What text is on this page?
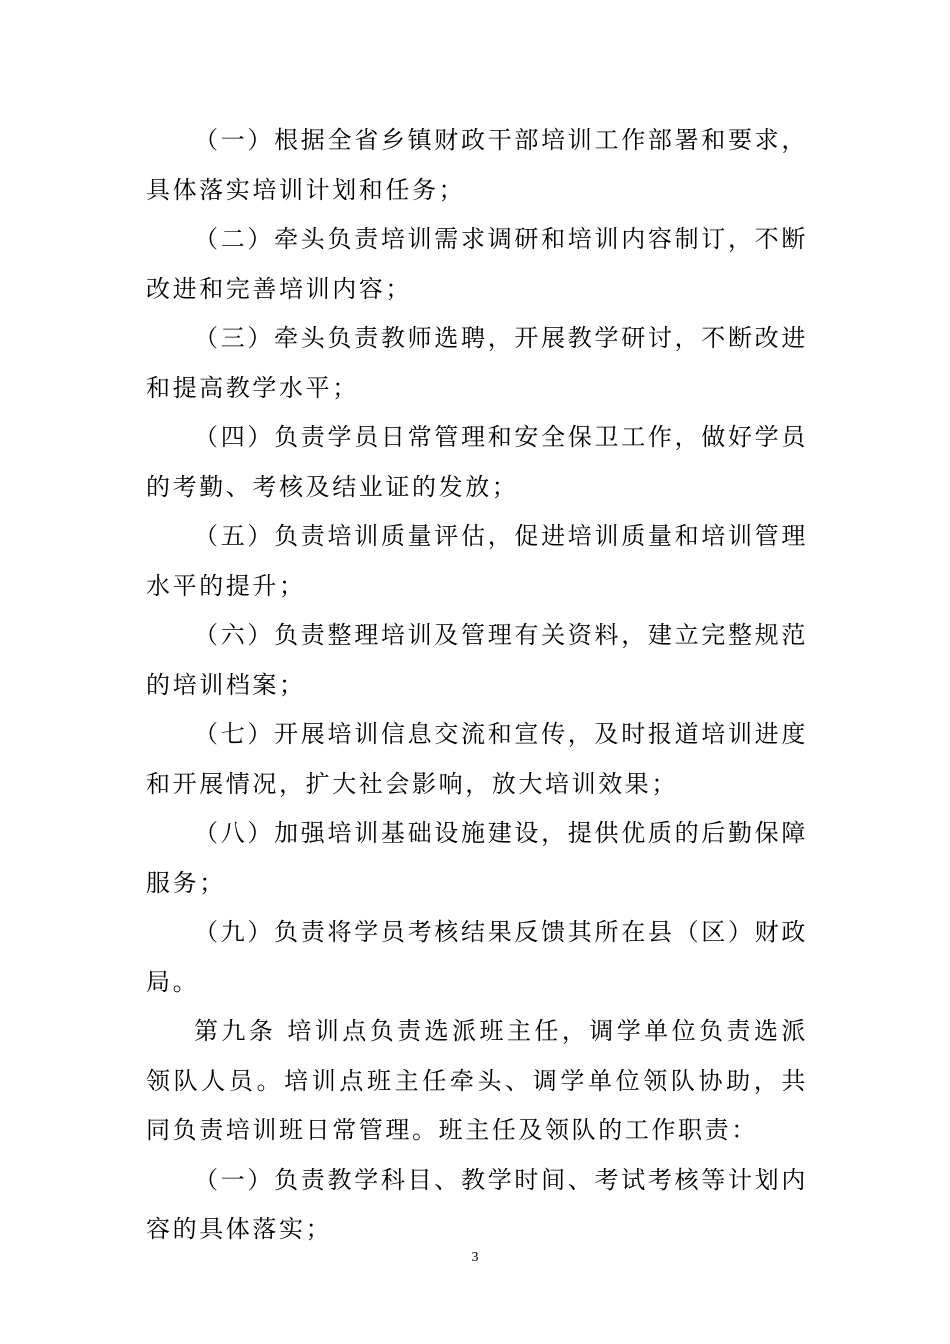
（一）根据全省乡镇财政干部培训工作部署和要求，具体落实培训计划和任务；

（二）牵头负责培训需求调研和培训内容制订，不断改进和完善培训内容；

（三）牵头负责教师选聘，开展教学研讨，不断改进和提高教学水平；

（四）负责学员日常管理和安全保卫工作，做好学员的考勤、考核及结业证的发放；

（五）负责培训质量评估，促进培训质量和培训管理水平的提升；

（六）负责整理培训及管理有关资料，建立完整规范的培训档案；

（七）开展培训信息交流和宣传，及时报道培训进度和开展情况，扩大社会影响，放大培训效果；

（八）加强培训基础设施建设，提供优质的后勤保障服务；

（九）负责将学员考核结果反馈其所在县（区）财政局。

第九条 培训点负责选派班主任，调学单位负责选派领队人员。培训点班主任牵头、调学单位领队协助，共同负责培训班日常管理。班主任及领队的工作职责：

（一）负责教学科目、教学时间、考试考核等计划内容的具体落实；

3
